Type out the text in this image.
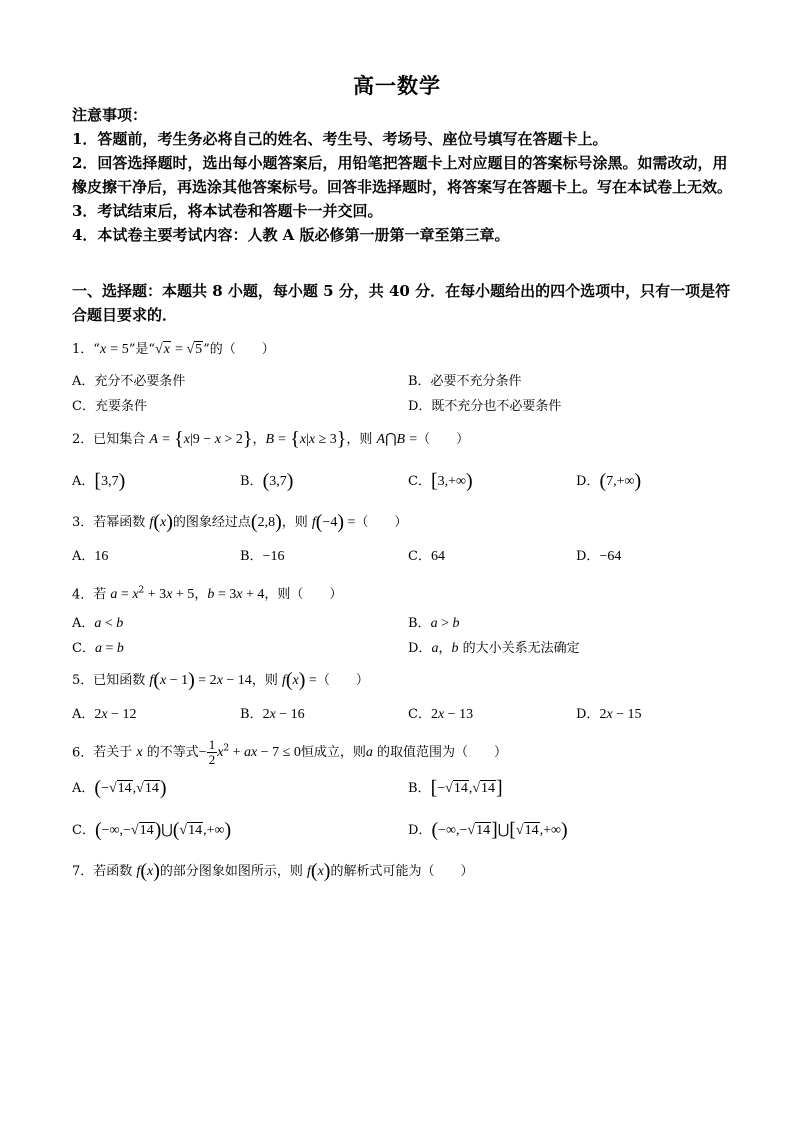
高一数学

注意事项：

1．答题前，考生务必将自己的姓名、考生号、考场号、座位号填写在答题卡上。

2．回答选择题时，选出每小题答案后，用铅笔把答题卡上对应题目的答案标号涂黑。如需改动，用橡皮擦干净后，再选涂其他答案标号。回答非选择题时，将答案写在答题卡上。写在本试卷上无效。

3．考试结束后，将本试卷和答题卡一并交回。

4．本试卷主要考试内容：人教 A 版必修第一册第一章至第三章。

一、选择题：本题共 8 小题，每小题 5 分，共 40 分．在每小题给出的四个选项中，只有一项是符合题目要求的．
1．“x = 5”是“√x = √5”的（　　）
A．充分不必要条件	B．必要不充分条件
C．充要条件	D．既不充分也不必要条件
2．已知集合 A = {x|9 − x > 2}，B = {x|x ≥ 3}，则 A⋂B =（　　）
A．[3,7)	B．(3,7)	C．[3,+∞)	D．(7,+∞)
3．若幂函数 f(x)的图象经过点(2,8)，则 f(−4) =（　　）
A．16	B．−16	C．64	D．−64
4．若 $a = x^2 + 3x + 5$，b = 3x + 4，则（　　）
A．a < b	B．a > b
C．a = b	D．a，b 的大小关系无法确定
5．已知函数 f(x − 1) = 2x − 14，则 f(x) =（　　）
A．2x − 12	B．2x − 16	C．2x − 13	D．2x − 15
6．若关于 x 的不等式− $\frac{1}{2} x^2$ + ax − 7 ≤ 0恒成立，则a 的取值范围为（　　）
A．(−√14,√14)	B．[−√14,√14]
C．(−∞,−√14)⋃(√14,+∞)	D．(−∞,−√14]⋃[√14,+∞)
7．若函数 f(x)的部分图象如图所示，则 f(x)的解析式可能为（　　）
